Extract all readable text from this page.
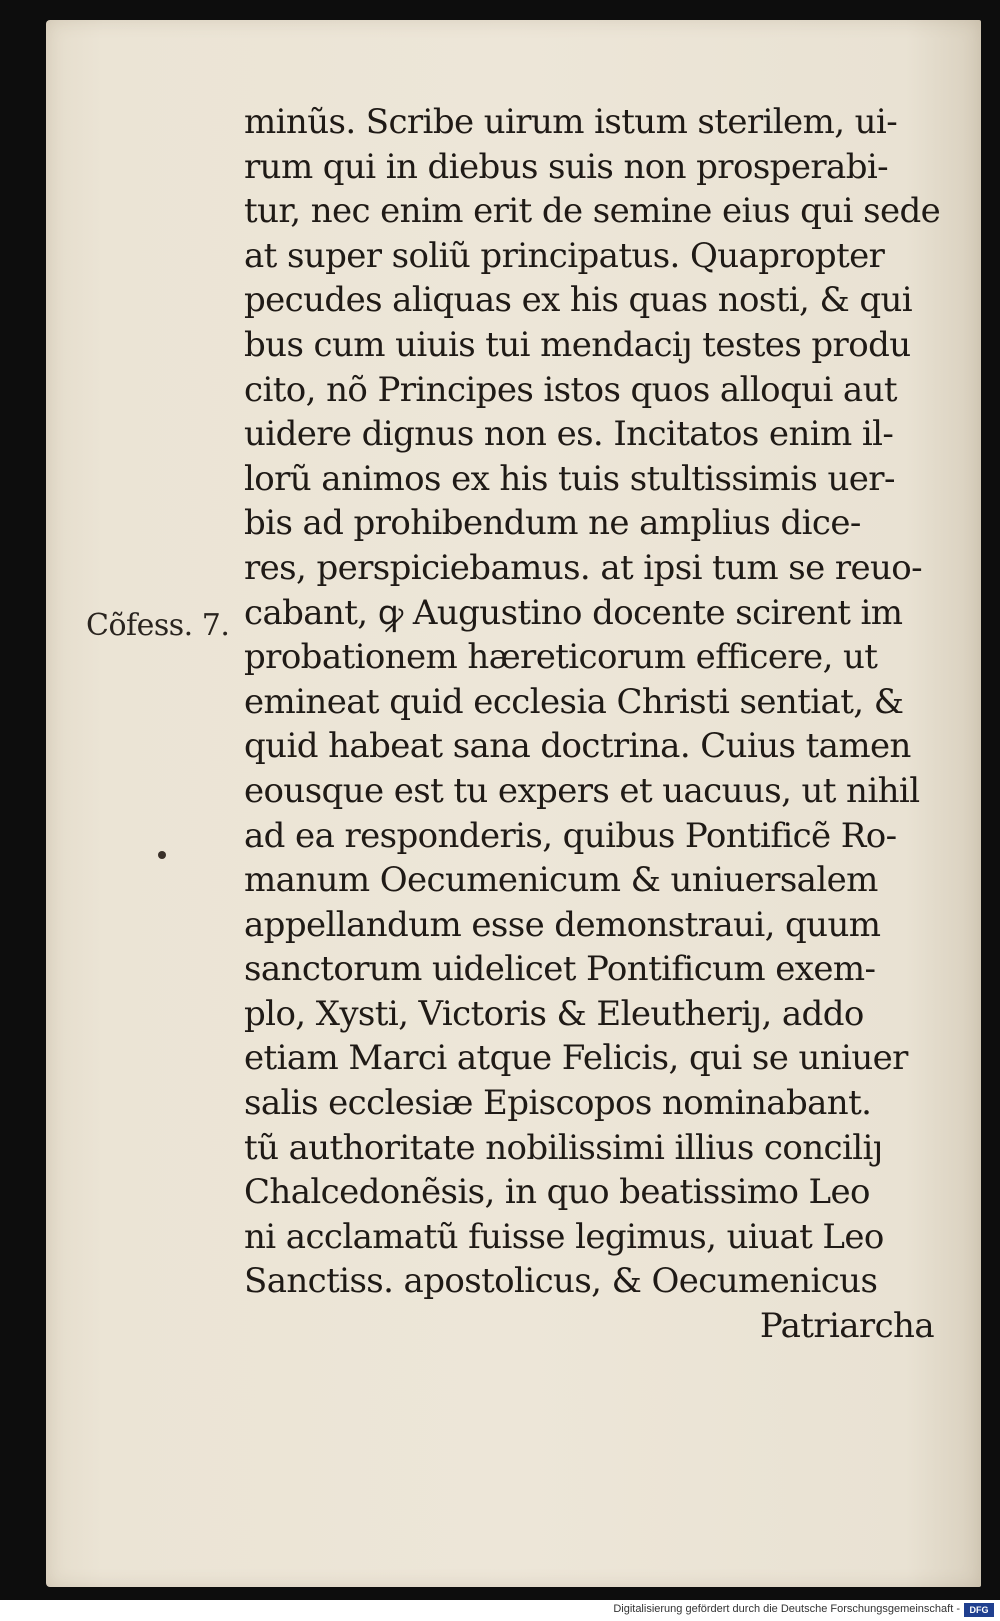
Cõfess. 7.
minũs. Scribe uirum istum sterilem, ui-
rum qui in diebus suis non prosperabi-
tur, nec enim erit de semine eius qui sede
at super soliũ principatus. Quapropter
pecudes aliquas ex his quas nosti, & qui
bus cum uiuis tui mendaciȷ testes produ
cito, nõ Principes istos quos alloqui aut
uidere dignus non es. Incitatos enim il-
lorũ animos ex his tuis stultissimis uer-
bis ad prohibendum ne amplius dice-
res, perspiciebamus. at ipsi tum se reuo-
cabant, ꝙ Augustino docente scirent im
probationem hæreticorum efficere, ut
emineat quid ecclesia Christi sentiat, &
quid habeat sana doctrina. Cuius tamen
eousque est tu expers et uacuus, ut nihil
ad ea responderis, quibus Pontificẽ Ro-
manum Oecumenicum & uniuersalem
appellandum esse demonstraui, quum
sanctorum uidelicet Pontificum exem-
plo, Xysti, Victoris & Eleutheriȷ, addo
etiam Marci atque Felicis, qui se uniuer
salis ecclesiæ Episcopos nominabant.
tũ authoritate nobilissimi illius conciliȷ
Chalcedonẽsis, in quo beatissimo Leo
ni acclamatũ fuisse legimus, uiuat Leo
Sanctiss. apostolicus, & Oecumenicus
Patriarcha
Digitalisierung gefördert durch die Deutsche Forschungsgemeinschaft -	DFG
